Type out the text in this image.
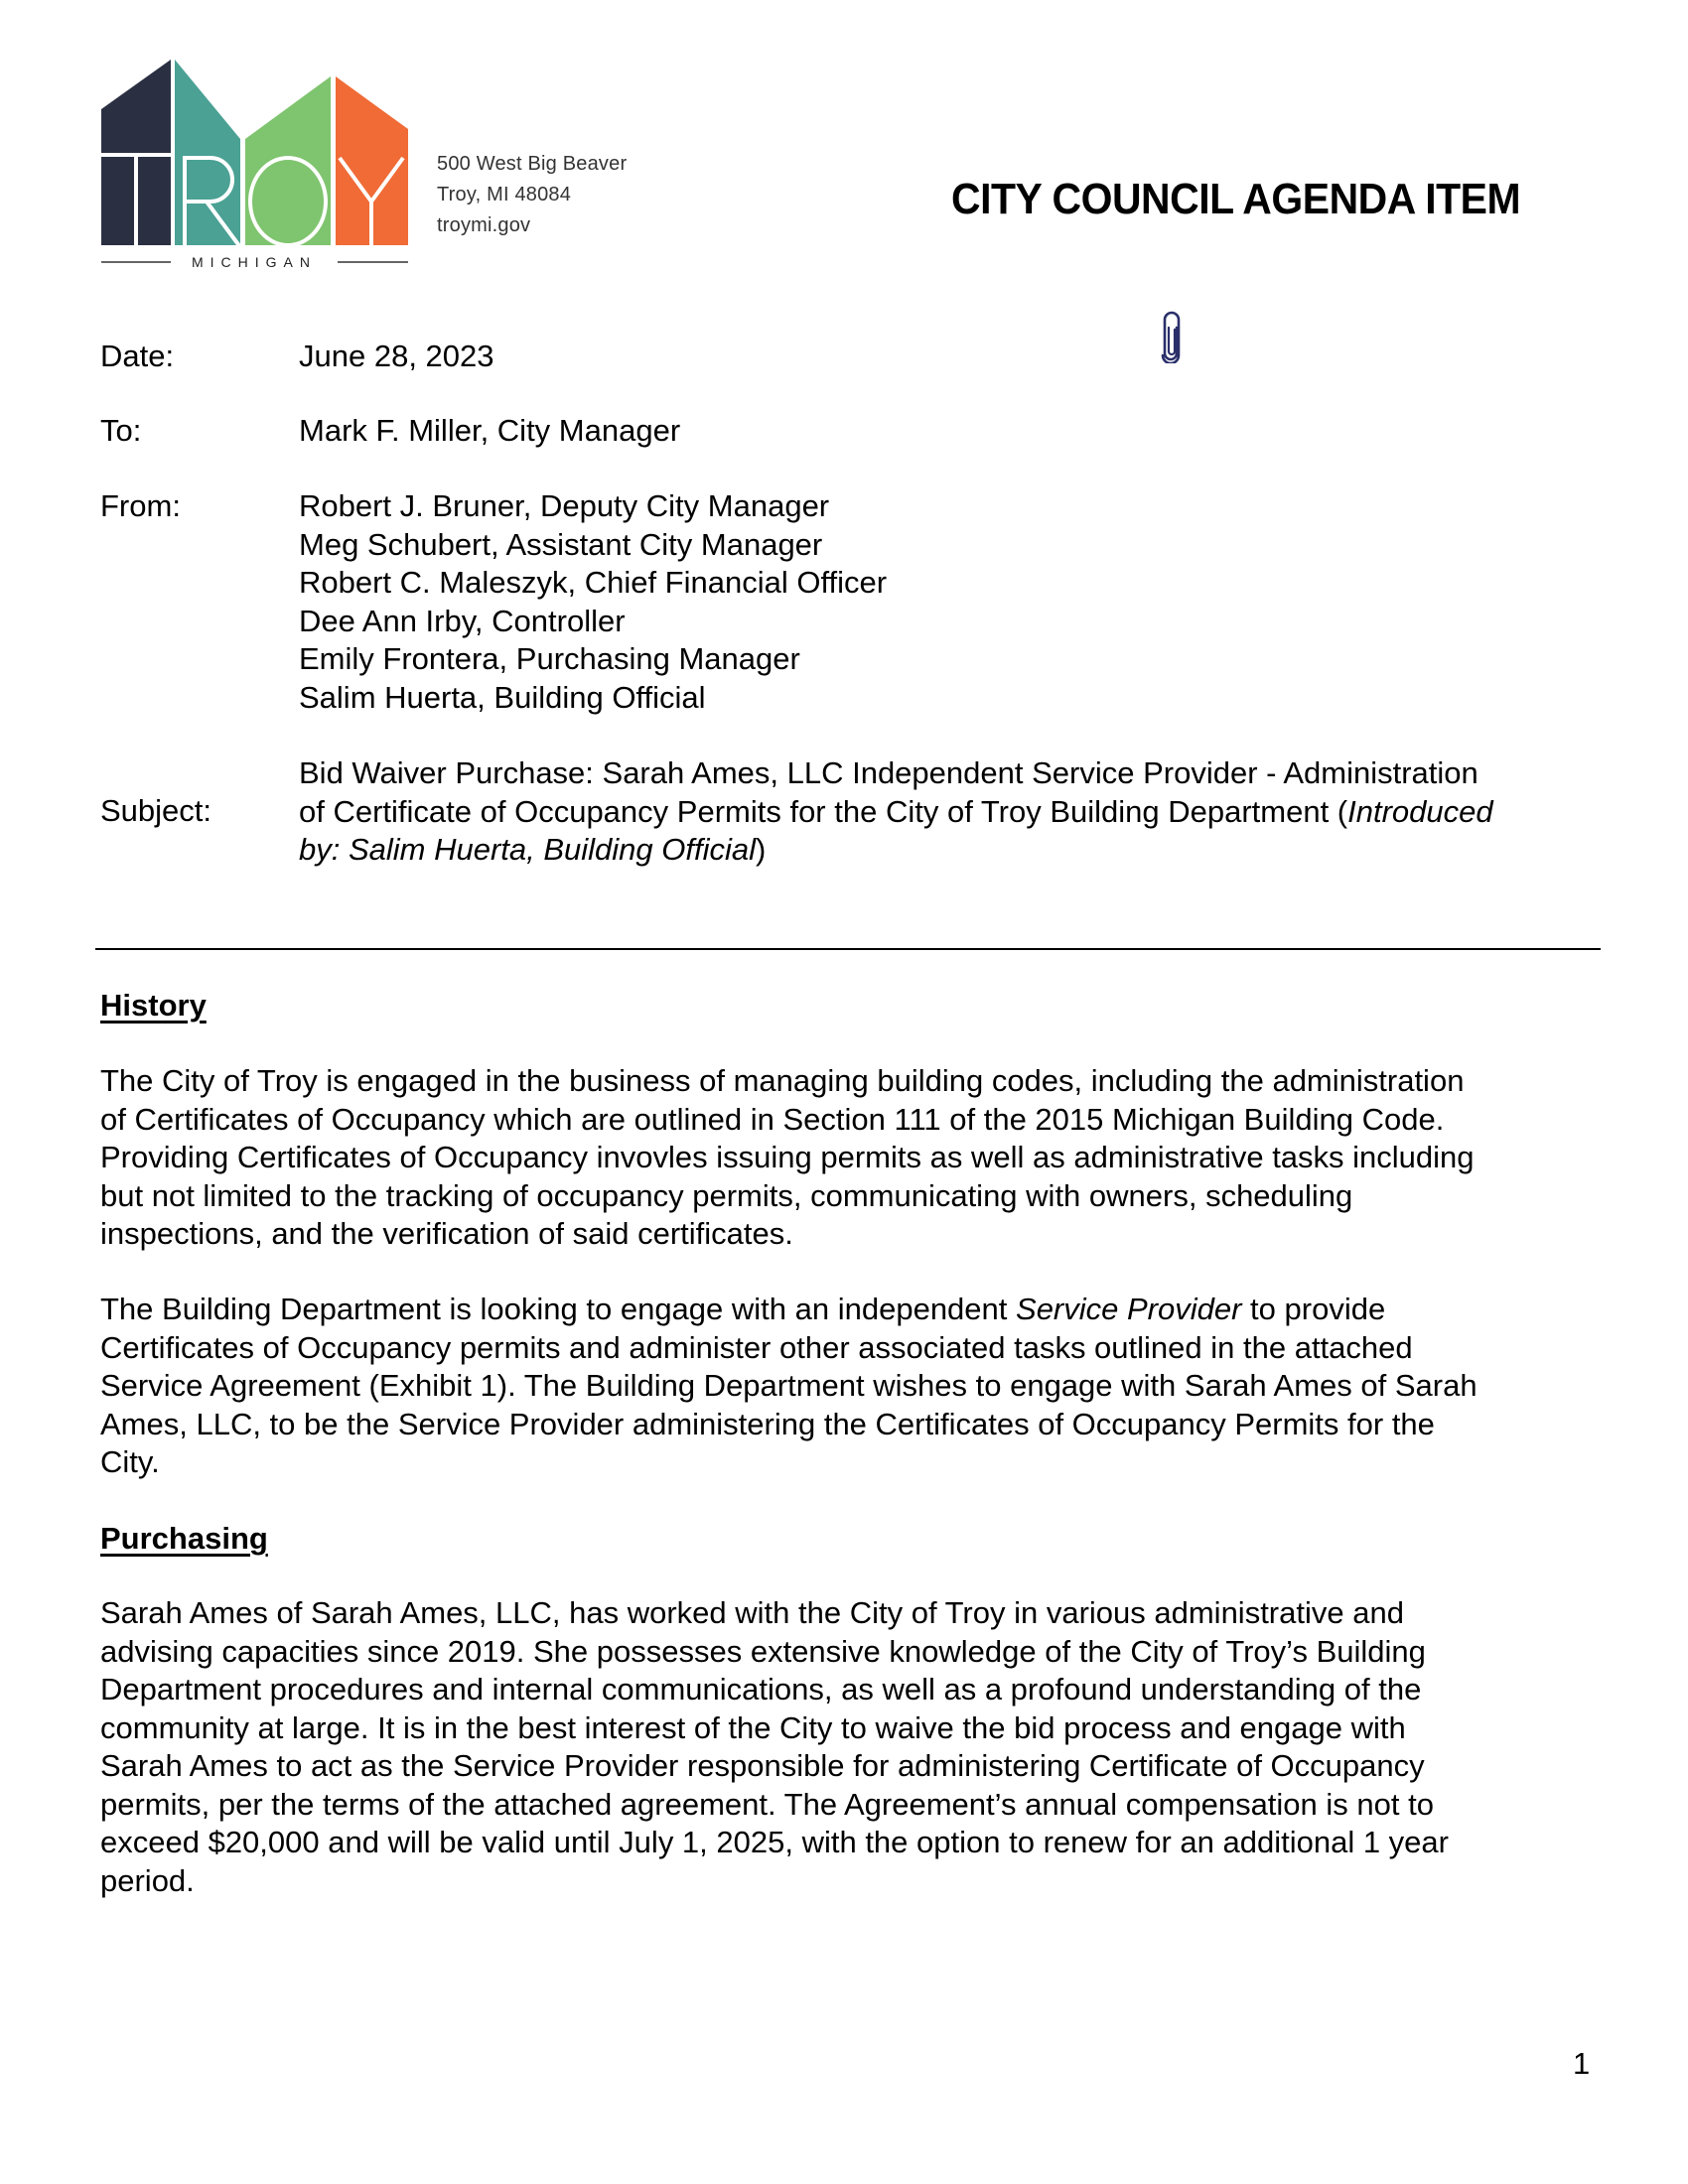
MICHIGAN
500 West Big Beaver
Troy, MI 48084
troymi.gov
CITY COUNCIL AGENDA ITEM
Date:	June 28, 2023
To:	Mark F. Miller, City Manager
From:	Robert J. Bruner, Deputy City Manager
Meg Schubert, Assistant City Manager
Robert C. Maleszyk, Chief Financial Officer
Dee Ann Irby, Controller
Emily Frontera, Purchasing Manager
Salim Huerta, Building Official
Subject:
Bid Waiver Purchase: Sarah Ames, LLC Independent Service Provider - Administration
of Certificate of Occupancy Permits for the City of Troy Building Department (Introduced
by: Salim Huerta, Building Official)
History
The City of Troy is engaged in the business of managing building codes, including the administration
of Certificates of Occupancy which are outlined in Section 111 of the 2015 Michigan Building Code.
Providing Certificates of Occupancy invovles issuing permits as well as administrative tasks including
but not limited to the tracking of occupancy permits, communicating with owners, scheduling
inspections, and the verification of said certificates.
The Building Department is looking to engage with an independent Service Provider to provide
Certificates of Occupancy permits and administer other associated tasks outlined in the attached
Service Agreement (Exhibit 1). The Building Department wishes to engage with Sarah Ames of Sarah
Ames, LLC, to be the Service Provider administering the Certificates of Occupancy Permits for the
City.
Purchasing
Sarah Ames of Sarah Ames, LLC, has worked with the City of Troy in various administrative and
advising capacities since 2019. She possesses extensive knowledge of the City of Troy’s Building
Department procedures and internal communications, as well as a profound understanding of the
community at large. It is in the best interest of the City to waive the bid process and engage with
Sarah Ames to act as the Service Provider responsible for administering Certificate of Occupancy
permits, per the terms of the attached agreement. The Agreement’s annual compensation is not to
exceed $20,000 and will be valid until July 1, 2025, with the option to renew for an additional 1 year
period.
1
